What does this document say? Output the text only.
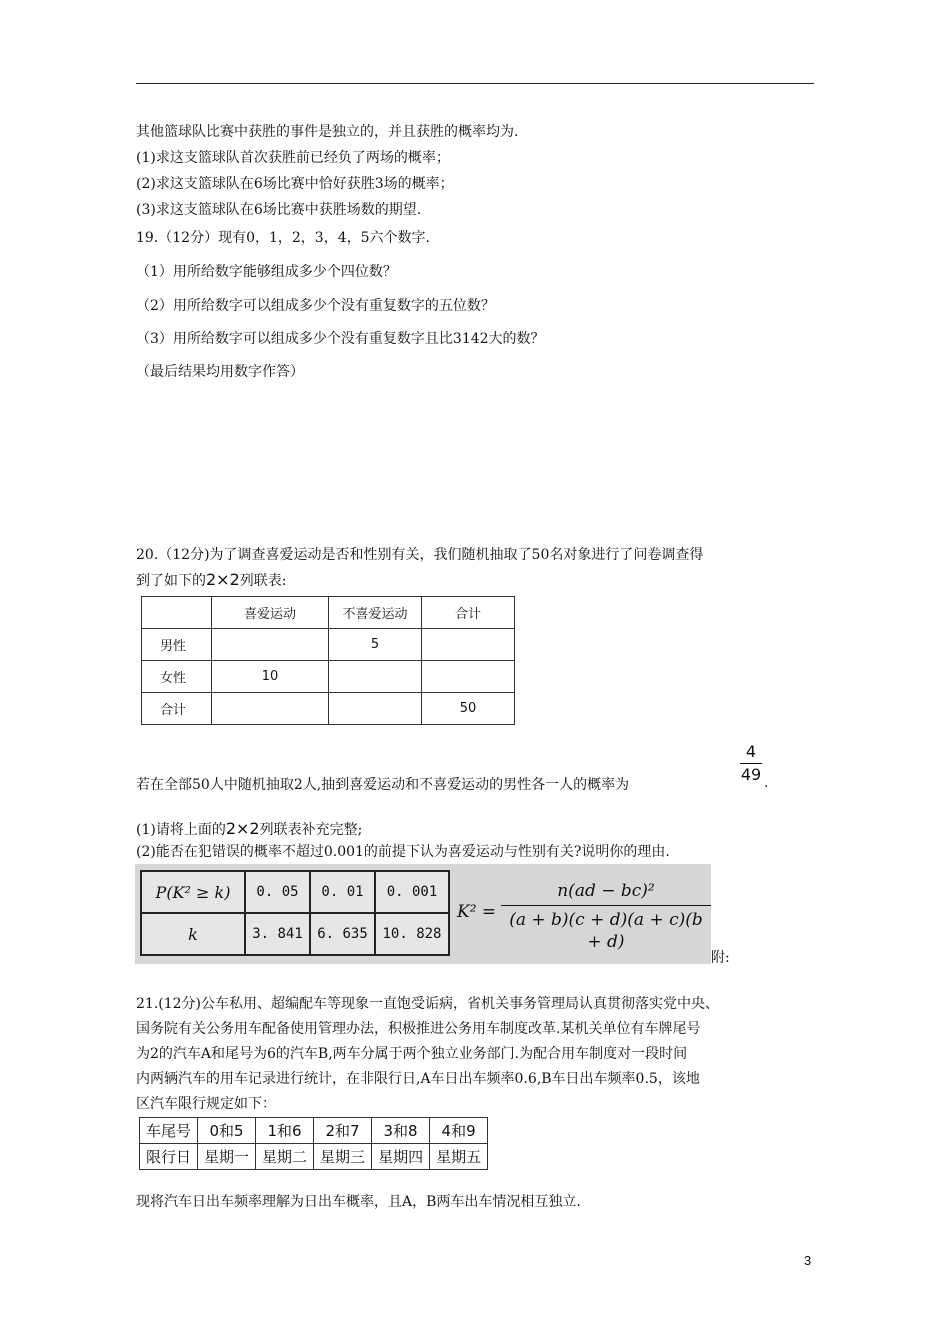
其他篮球队比赛中获胜的事件是独立的，并且获胜的概率均为.
(1)求这支篮球队首次获胜前已经负了两场的概率；
(2)求这支篮球队在6场比赛中恰好获胜3场的概率；
(3)求这支篮球队在6场比赛中获胜场数的期望.
19.（12分）现有0，1，2，3，4，5六个数字.
（1）用所给数字能够组成多少个四位数？
（2）用所给数字可以组成多少个没有重复数字的五位数？
（3）用所给数字可以组成多少个没有重复数字且比3142大的数？
（最后结果均用数字作答）
20.（12分)为了调查喜爱运动是否和性别有关，我们随机抽取了50名对象进行了问卷调查得
到了如下的2×2列联表:
	喜爱运动	不喜爱运动	合计
男性		5	
女性	10		
合计			50
若在全部50人中随机抽取2人,抽到喜爱运动和不喜爱运动的男性各一人的概率为
4
49 .
(1)请将上面的2×2列联表补充完整;
(2)能否在犯错误的概率不超过0.001的前提下认为喜爱运动与性别有关?说明你的理由.
P(K² ≥ k)	0. 05	0. 01	0. 001
k	3. 841	6. 635	10. 828
K² =
n(ad − bc)²
(a + b)(c + d)(a + c)(b + d)
附:
21.(12分)公车私用、超编配车等现象一直饱受诟病，省机关事务管理局认真贯彻落实党中央、
国务院有关公务用车配备使用管理办法，积极推进公务用车制度改革.某机关单位有车牌尾号
为2的汽车A和尾号为6的汽车B,两车分属于两个独立业务部门.为配合用车制度对一段时间
内两辆汽车的用车记录进行统计，在非限行日,A车日出车频率0.6,B车日出车频率0.5，该地
区汽车限行规定如下：
车尾号	0和5	1和6	2和7	3和8	4和9
限行日	星期一	星期二	星期三	星期四	星期五
现将汽车日出车频率理解为日出车概率，且A，B两车出车情况相互独立.
3
